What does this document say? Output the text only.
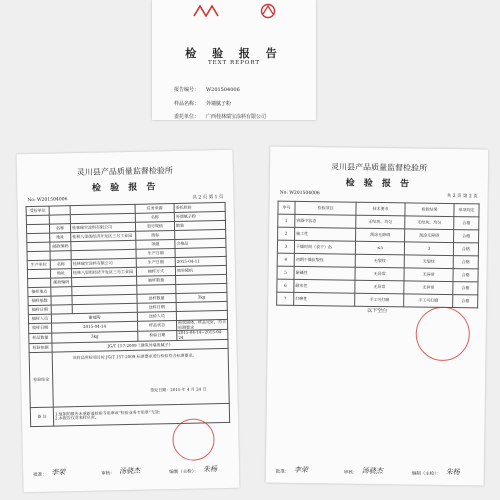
检 验 报 告
TEXT REPORT
报告编号： W201504006
样品名称： 外墙腻子粉
委托单位： 广西桂林瑞宝涂料有限公司
灵川县产品质量监督检验所
检 验 报 告
No: W201504006	共 2 页 第 1 页
受检单位			任务来源	委托检验
			名称	外墙腻子粉
	名称	桂林瑞宝涂料有限公司	型号规格	散装
	地址	桂林八里街经济开发区三号工业园	商标	
	邮政编码		等级	合格品
			生产日期	
生产单位	名称	桂林瑞宝涂料有限公司	生产日期	2015-04-11
	地址	桂林八里街经济开发区三号工业园	抽样方式	简单随机
	邮政编码		抽样数量	
抽样地点				
抽样基数			送样数量	3kg
抽样日期			送样日期	
抽样人员	谢福陶		送检人员	
收样日期	2015-04-14		样品状态	粉状固体，样品完好，符合检测要求
样品数量	3kg		检验日期	2015-04-14~2015-04-24
检验依据	JG/T 157-2009《建筑外墙用腻子》			
检验结论	该样品所检项目按 JG/T 157-2009 标准要求进行检验符合标准要求。
签发日期：2015 年 4 月 24 日			

备 注	1.复制的报告未重新盖检验专用章或“检验业务专用章”无效；
2.本报告仅对来样负责。			
批准： 李荣	审核： 汤骁杰	编制（主检）： 朱杨
灵川县产品质量监督检验所
检 验 报 告
No: W201504006
共 2 页 第 2 页
序号	检验项目	技术要求	检验结果	单项判定
1	容器中状态	无结块、均匀	无结块、均匀	合格
2	施工性	刮涂无障碍	刮涂无障碍	合格
3	干燥时间（表干）/h	≤5	3	合格
4	初期干燥抗裂性	无裂纹	无裂纹	合格
5	耐碱性	无异常	无异常	合格
6	耐水性	无异常	无异常	合格
7	打磨性	手工可打磨	手工可打磨	合格
以下空白
批准： 李荣	审核： 汤骁杰	编制（主检）： 朱杨
